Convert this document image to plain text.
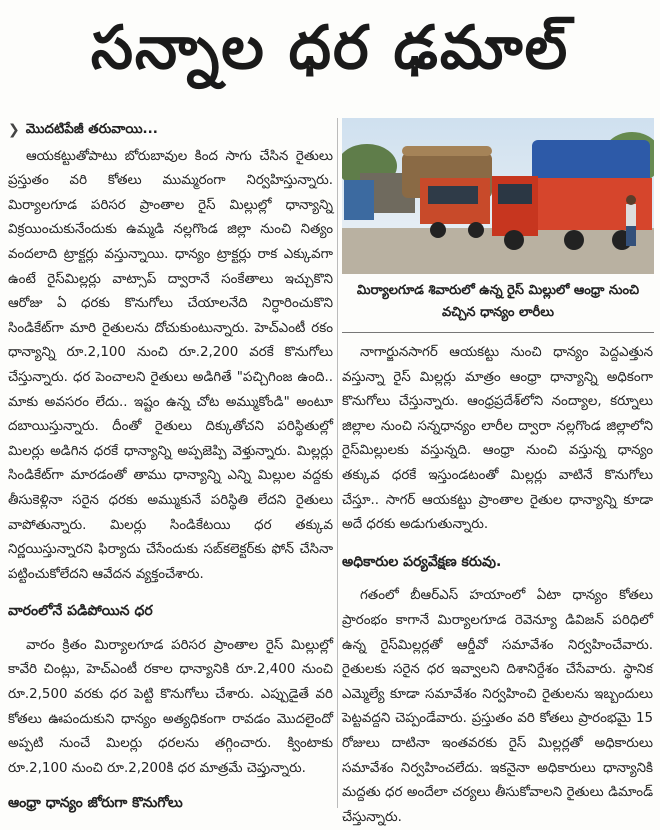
సన్నాల ధర ఢమాల్
❯ మొదటిపేజీ తరువాయి...

ఆయకట్టుతోపాటు బోరుబావుల కింద సాగు చేసిన రైతులు ప్రస్తుతం వరి కోతలు ముమ్మరంగా నిర్వహిస్తున్నారు. మిర్యాలగూడ పరిసర ప్రాంతాల రైస్ మిల్లుల్లో ధాన్యాన్ని విక్రయించుకునేందుకు ఉమ్మడి నల్లగొండ జిల్లా నుంచి నిత్యం వందలాది ట్రాక్టర్లు వస్తున్నాయి. ధాన్యం ట్రాక్టర్లు రాక ఎక్కువగా ఉంటే రైస్‌మిల్లర్లు వాట్సాప్ ద్వారానే సంకేతాలు ఇచ్చుకొని ఆరోజు ఏ ధరకు కొనుగోలు చేయాలనేది నిర్ధారించుకొని సిండికేట్‌గా మారి రైతులను దోచుకుంటున్నారు. హెచ్‌ఎంటీ రకం ధాన్యాన్ని రూ.2,100 నుంచి రూ.2,200 వరకే కొనుగోలు చేస్తున్నారు. ధర పెంచాలని రైతులు అడిగితే "పచ్చిగింజ ఉంది.. మాకు అవసరం లేదు.. ఇష్టం ఉన్న చోట అమ్ముకోండి" అంటూ దబాయిస్తున్నారు. దీంతో రైతులు దిక్కుతోచని పరిస్థితుల్లో మిలర్లు అడిగిన ధరకే ధాన్యాన్ని అప్పజెప్పి వెళ్తున్నారు. మిల్లర్లు సిండికేట్‌గా మారడంతో తాము ధాన్యాన్ని ఎన్ని మిల్లుల వద్దకు తీసుకెళ్లినా సరైన ధరకు అమ్ముకునే పరిస్థితి లేదని రైతులు వాపోతున్నారు. మిలర్లు సిండికేటయి ధర తక్కువ నిర్ణయిస్తున్నారని ఫిర్యాదు చేసేందుకు సబ్‌కలెక్టర్‌కు ఫోన్ చేసినా పట్టించుకోలేదని ఆవేదన వ్యక్తంచేశారు.

వారంలోనే పడిపోయిన ధర

వారం క్రితం మిర్యాలగూడ పరిసర ప్రాంతాల రైస్ మిల్లుల్లో కావేరి చింట్లు, హెచ్‌ఎంటీ రకాల ధాన్యానికి రూ.2,400 నుంచి రూ.2,500 వరకు ధర పెట్టి కొనుగోలు చేశారు. ఎప్పుడైతే వరి కోతలు ఊపందుకుని ధాన్యం అత్యధికంగా రావడం మొదలైందో అప్పటి నుంచే మిలర్లు ధరలను తగ్గించారు. క్వింటాకు రూ.2,100 నుంచి రూ.2,200కి ధర మాత్రమే చెప్తున్నారు.

ఆంధ్రా ధాన్యం జోరుగా కొనుగోలు
మిర్యాలగూడ శివారులో ఉన్న రైస్ మిల్లులో ఆంధ్రా నుంచి వచ్చిన ధాన్యం లారీలు

నాగార్జునసాగర్ ఆయకట్టు నుంచి ధాన్యం పెద్దఎత్తున వస్తున్నా రైస్ మిల్లర్లు మాత్రం ఆంధ్రా ధాన్యాన్ని అధికంగా కొనుగోలు చేస్తున్నారు. ఆంధ్రప్రదేశ్‌లోని నంద్యాల, కర్నూలు జిల్లాల నుంచి సన్నధాన్యం లారీల ద్వారా నల్లగొండ జిల్లాలోని రైస్‌మిల్లులకు వస్తున్నది. ఆంధ్రా నుంచి వస్తున్న ధాన్యం తక్కువ ధరకే ఇస్తుండటంతో మిల్లర్లు వాటినే కొనుగోలు చేస్తూ.. సాగర్ ఆయకట్టు ప్రాంతాల రైతుల ధాన్యాన్ని కూడా అదే ధరకు అడుగుతున్నారు.

అధికారుల పర్యవేక్షణ కరువు.

గతంలో బీఆర్‌ఎస్ హయాంలో ఏటా ధాన్యం కోతలు ప్రారంభం కాగానే మిర్యాలగూడ రెవెన్యూ డివిజన్ పరిధిలో ఉన్న రైస్‌మిల్లర్లతో ఆర్డీవో సమావేశం నిర్వహించేవారు. రైతులకు సరైన ధర ఇవ్వాలని దిశానిర్దేశం చేసేవారు. స్థానిక ఎమ్మెల్యే కూడా సమావేశం నిర్వహించి రైతులను ఇబ్బందులు పెట్టవద్దని చెప్పండేవారు. ప్రస్తుతం వరి కోతలు ప్రారంభమై 15 రోజులు దాటినా ఇంతవరకు రైస్ మిల్లర్లతో అధికారులు సమావేశం నిర్వహించలేదు. ఇకనైనా అధికారులు ధాన్యానికి మద్దతు ధర అందేలా చర్యలు తీసుకోవాలని రైతులు డిమాండ్ చేస్తున్నారు.
